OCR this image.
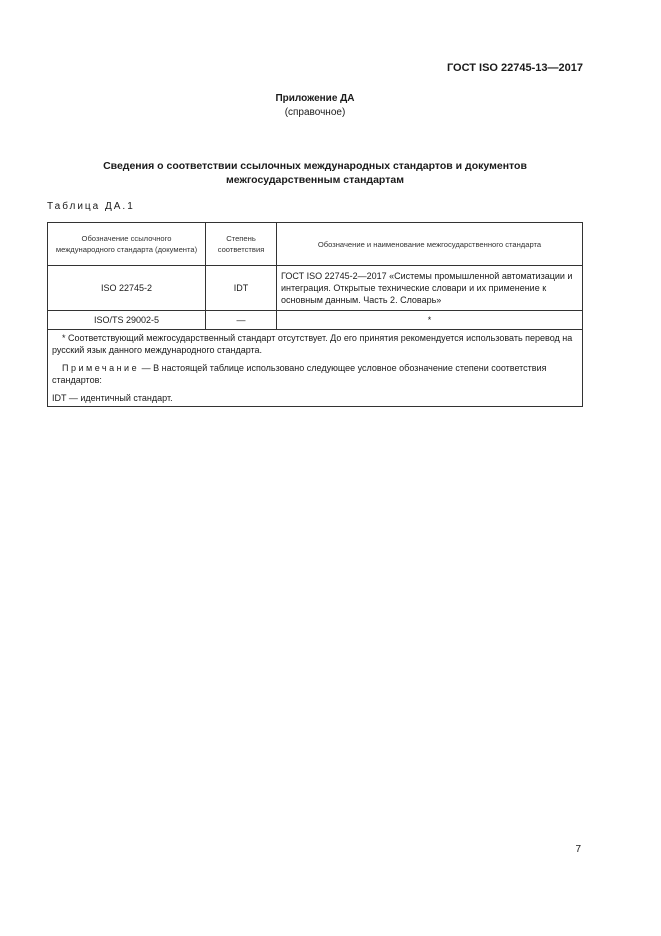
ГОСТ ISO 22745-13—2017
Приложение ДА
(справочное)
Сведения о соответствии ссылочных международных стандартов и документов
межгосударственным стандартам
Таблица ДА.1
Обозначение ссылочного международного стандарта (документа)	Степень соответствия	Обозначение и наименование межгосударственного стандарта
ISO 22745-2	IDT	ГОСТ ISO 22745-2—2017 «Системы промышленной автоматизации и интеграция. Открытые технические словари и их применение к основным данным. Часть 2. Словарь»
ISO/TS 29002-5	—	*

* Соответствующий межгосударственный стандарт отсутствует. До его принятия рекомендуется использовать перевод на русский язык данного международного стандарта.

Примечание — В настоящей таблице использовано следующее условное обозначение степени соответствия стандартов:

IDT — идентичный стандарт.		

7
